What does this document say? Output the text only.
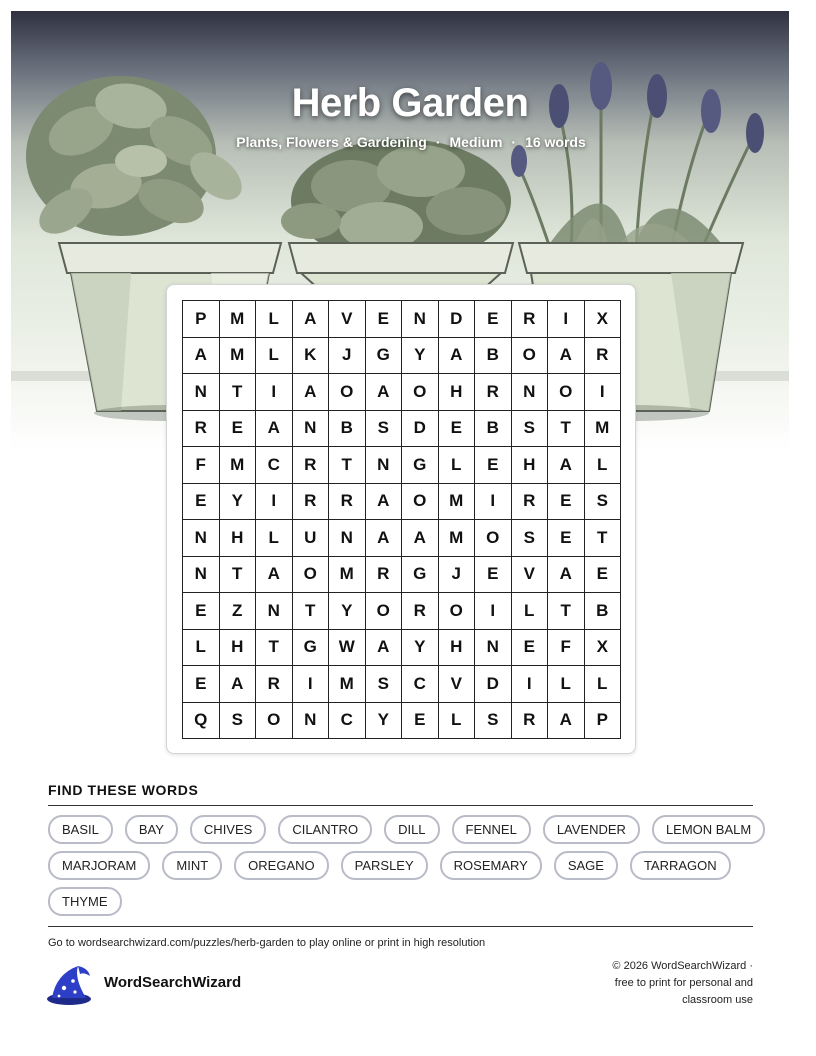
Herb Garden
Plants, Flowers & Gardening · Medium · 16 words
P	M	L	A	V	E	N	D	E	R	I	X
A	M	L	K	J	G	Y	A	B	O	A	R
N	T	I	A	O	A	O	H	R	N	O	I
R	E	A	N	B	S	D	E	B	S	T	M
F	M	C	R	T	N	G	L	E	H	A	L
E	Y	I	R	R	A	O	M	I	R	E	S
N	H	L	U	N	A	A	M	O	S	E	T
N	T	A	O	M	R	G	J	E	V	A	E
E	Z	N	T	Y	O	R	O	I	L	T	B
L	H	T	G	W	A	Y	H	N	E	F	X
E	A	R	I	M	S	C	V	D	I	L	L
Q	S	O	N	C	Y	E	L	S	R	A	P
FIND THESE WORDS
BASIL	BAY	CHIVES	CILANTRO	DILL	FENNEL	LAVENDER	LEMON BALM
MARJORAM	MINT	OREGANO	PARSLEY	ROSEMARY	SAGE	TARRAGON
THYME
Go to wordsearchwizard.com/puzzles/herb-garden to play online or print in high resolution
WordSearchWizard
© 2026 WordSearchWizard ·
free to print for personal and
classroom use
